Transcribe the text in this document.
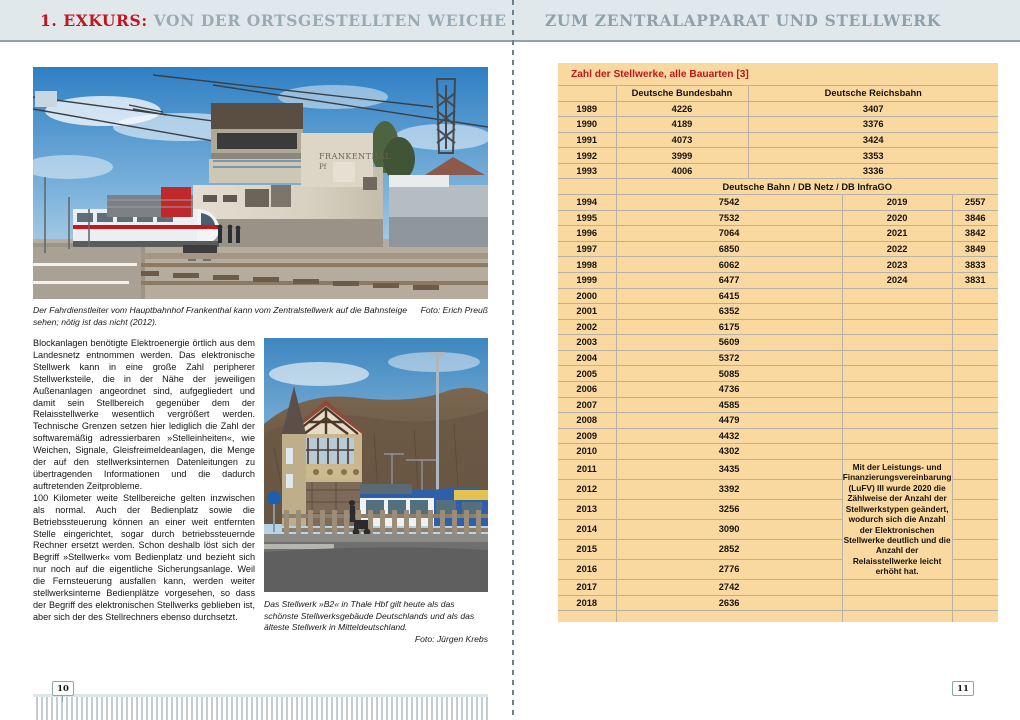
1. EXKURS: VON DER ORTSGESTELLTEN WEICHE ZUM ZENTRALAPPARAT UND STELLWERK
FRANKENTHAL
Pf
Foto: Erich Preuß
Der Fahrdienstleiter vom Hauptbahnhof Frankenthal kann vom Zentralstellwerk auf die Bahnsteige sehen; nötig ist das nicht (2012).

Blockanlagen benötigte Elektroenergie örtlich aus dem Landesnetz entnommen werden. Das elektronische Stellwerk kann in eine große Zahl peripherer Stellwerksteile, die in der Nähe der jeweiligen Außenanlagen angeordnet sind, aufgegliedert und damit sein Stellbereich gegenüber dem der Relaisstellwerke wesentlich vergrößert werden. Technische Grenzen setzen hier lediglich die Zahl der softwaremäßig adressierbaren »Stelleinheiten«, wie Weichen, Signale, Gleisfreimeldeanlagen, die Menge der auf den stellwerksinternen Datenleitungen zu übertragenden Informationen und die dadurch auftretenden Zeitprobleme.

100 Kilometer weite Stellbereiche gelten inzwischen als normal. Auch der Bedienplatz sowie die Betriebssteuerung können an einer weit entfernten Stelle eingerichtet, sogar durch betriebssteuernde Rechner ersetzt werden. Schon deshalb löst sich der Begriff »Stellwerk« vom Bedienplatz und bezieht sich nur noch auf die eigentliche Sicherungsanlage. Weil die Fernsteuerung ausfallen kann, werden weiter stellwerksinterne Bedienplätze vorgesehen, so dass der Begriff des elektronischen Stellwerks geblieben ist, aber sich der des Stellrechners ebenso durchsetzt.

Das Stellwerk »B2« in Thale Hbf gilt heute als das schönste Stellwerksgebäude Deutschlands und als das älteste Stellwerk in Mitteldeutschland.
Foto: Jürgen Krebs
Zahl der Stellwerke, alle Bauarten [3]
	Deutsche Bundesbahn	Deutsche Reichsbahn		
1989	4226	3407		
1990	4189	3376		
1991	4073	3424		
1992	3999	3353		
1993	4006	3336		
	Deutsche Bahn / DB Netz / DB InfraGO			
1994	7542		2019	2557
1995	7532		2020	3846
1996	7064		2021	3842
1997	6850		2022	3849
1998	6062		2023	3833
1999	6477		2024	3831
2000	6415			
2001	6352			
2002	6175			
2003	5609			
2004	5372			
2005	5085			
2006	4736			
2007	4585			
2008	4479			
2009	4432			
2010	4302			
2011	3435		Mit der Leistungs- und Finanzierungsvereinbarung (LuFV) III wurde 2020 die Zählweise der Anzahl der Stellwerkstypen geändert, wodurch sich die Anzahl der Elektronischen Stellwerke deutlich und die Anzahl der Relaisstellwerke leicht erhöht hat.	
2012	3392			
2013	3256			
2014	3090			
2015	2852			
2016	2776			
2017	2742			
2018	2636			

10	11
